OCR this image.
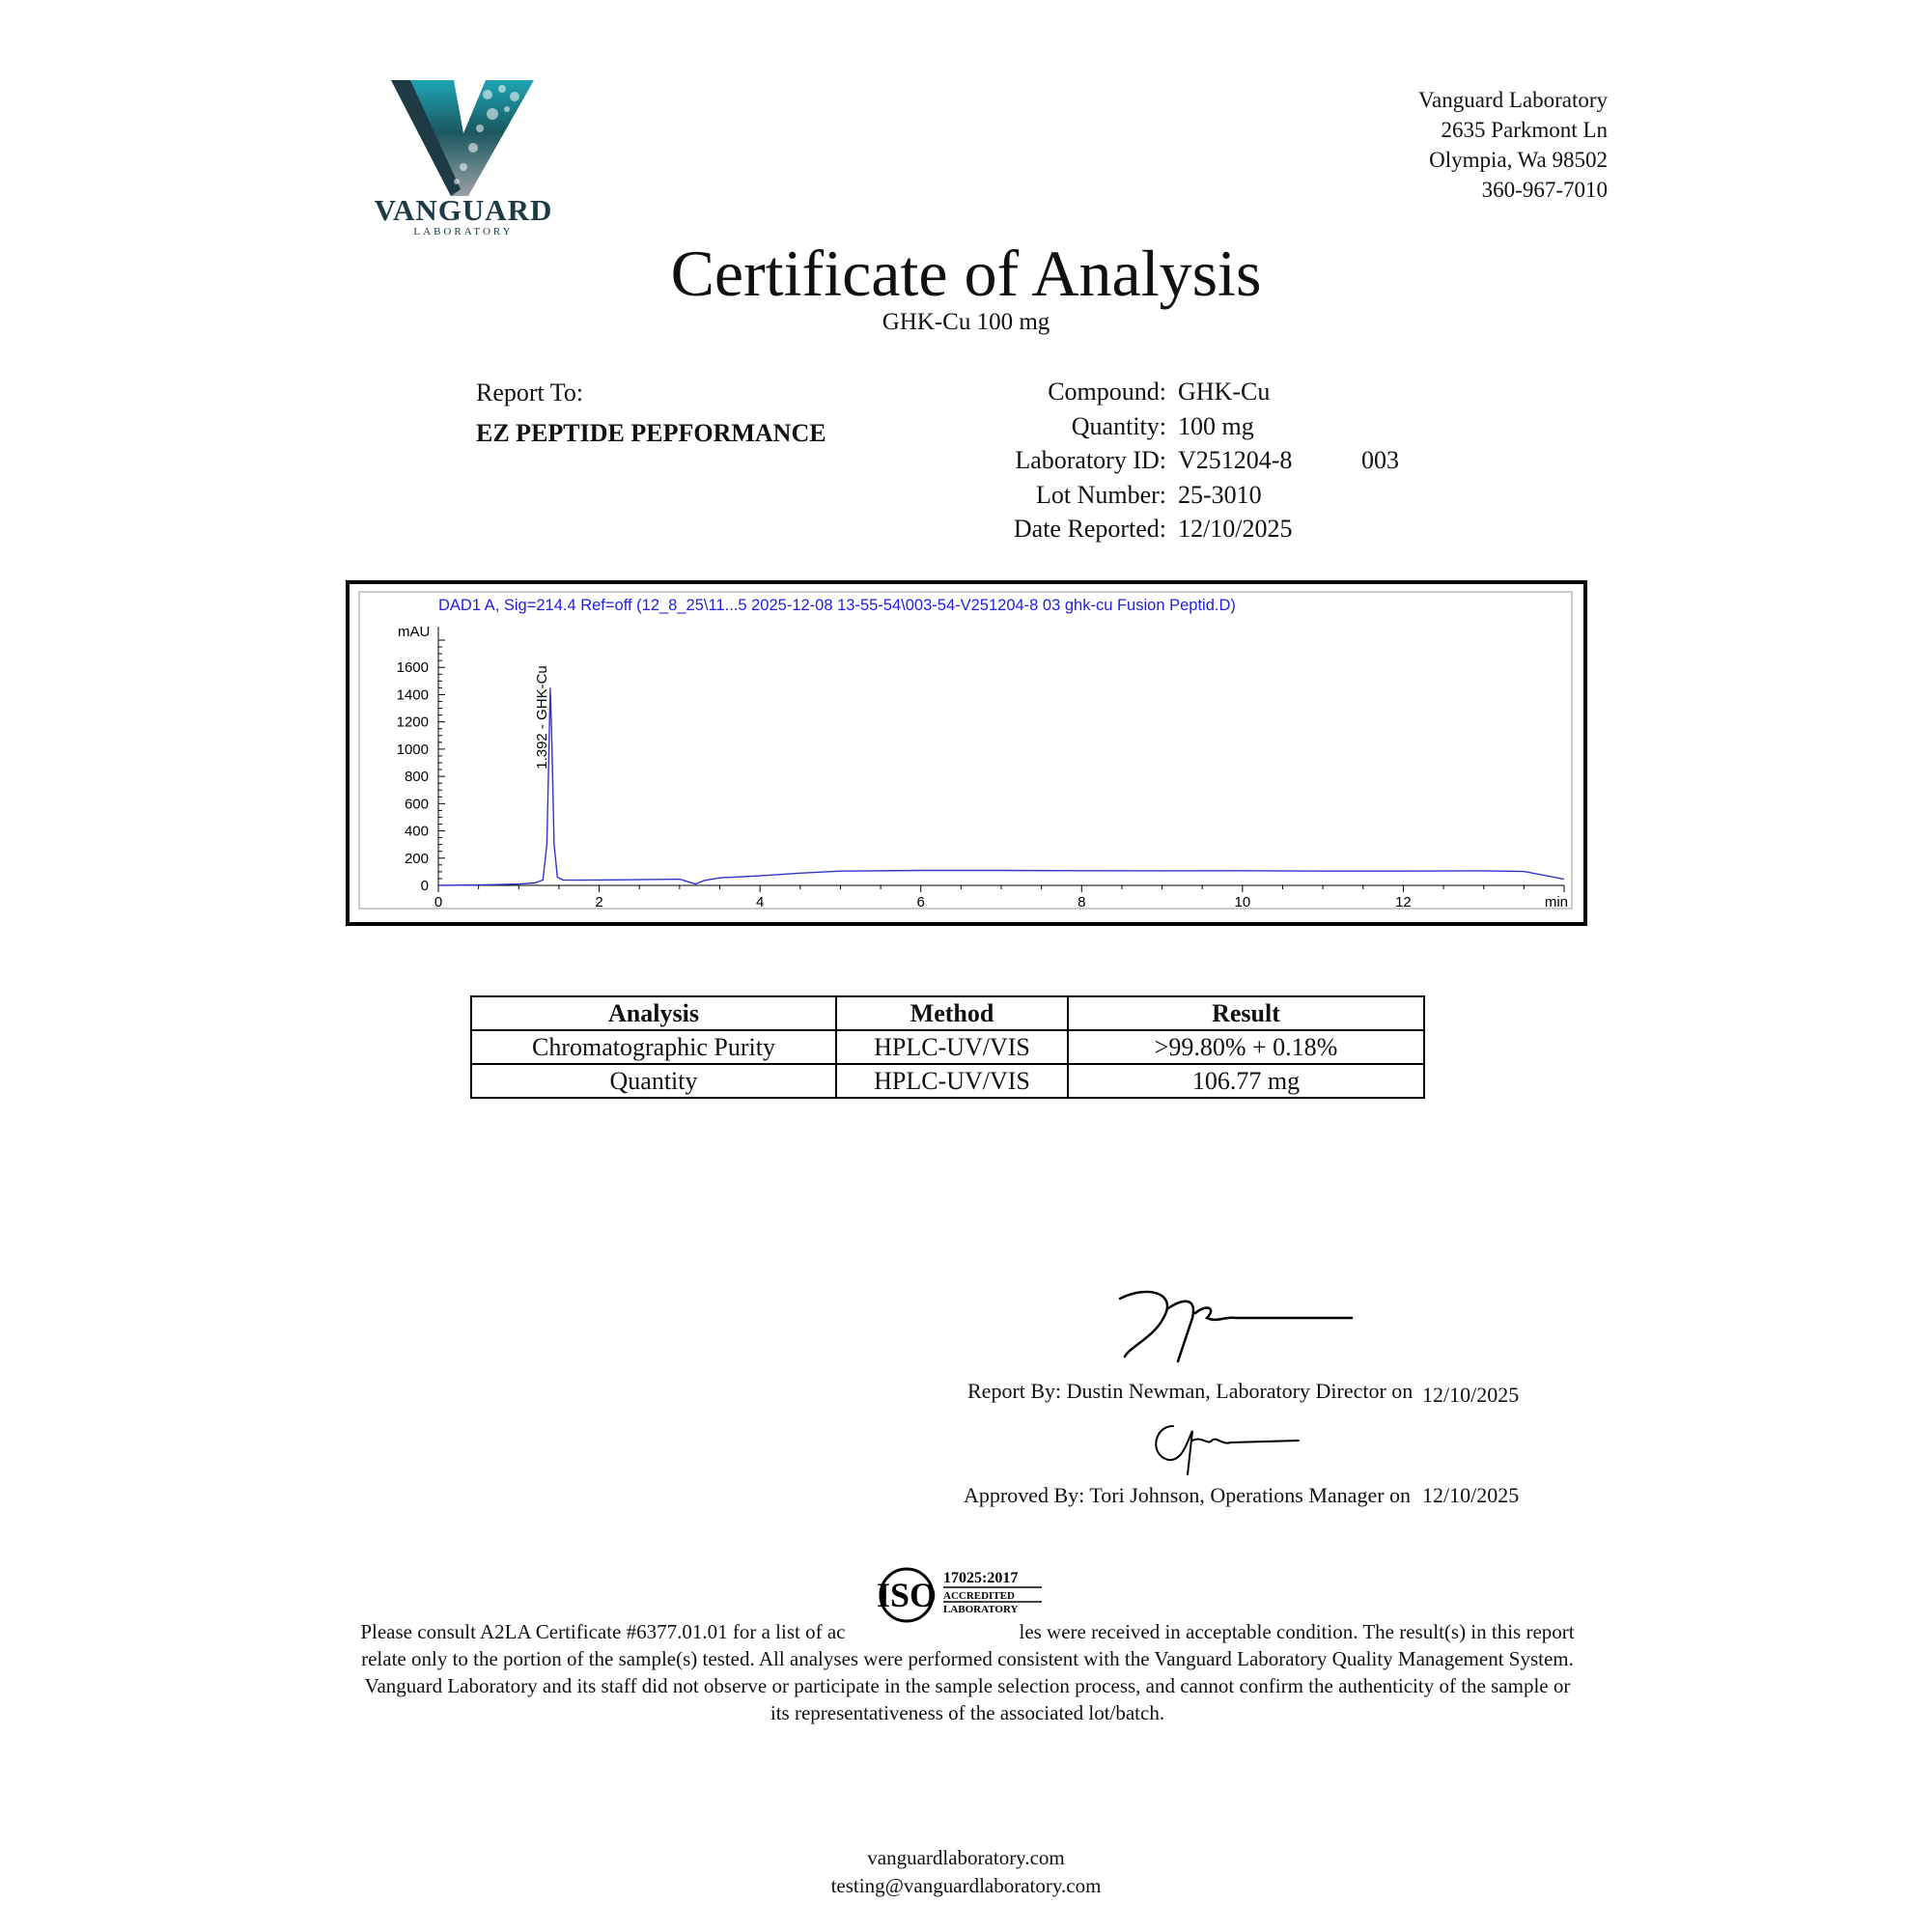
VANGUARD
LABORATORY
Vanguard Laboratory
2635 Parkmont Ln
Olympia, Wa 98502
360-967-7010
Certificate of Analysis
GHK-Cu 100 mg
Report To:
EZ PEPTIDE PEPFORMANCE
Compound: GHK-Cu
Quantity: 100 mg
Laboratory ID: V251204-8	003
Lot Number: 25-3010
Date Reported: 12/10/2025
DAD1 A, Sig=214.4 Ref=off (12_8_25\11...5 2025-12-08 13-55-54\003-54-V251204-8 03 ghk-cu Fusion Peptid.D)
mAU
min
0
200
400
600
800
1000
1200
1400
1600
0	2	4	6	8	10	12
1.392 - GHK-Cu
Analysis	Method	Result
Chromatographic Purity	HPLC-UV/VIS	>99.80% + 0.18%
Quantity	HPLC-UV/VIS	106.77 mg
Report By: Dustin Newman, Laboratory Director on 12/10/2025
Approved By: Tori Johnson, Operations Manager on 12/10/2025
ISO 17025:2017
ACCREDITED
LABORATORY
Please consult A2LA Certificate #6377.01.01 for a list of ac	les were received in acceptable condition. The result(s) in this report relate only to the portion of the sample(s) tested. All analyses were performed consistent with the Vanguard Laboratory Quality Management System. Vanguard Laboratory and its staff did not observe or participate in the sample selection process, and cannot confirm the authenticity of the sample or its representativeness of the associated lot/batch.
vanguardlaboratory.com
testing@vanguardlaboratory.com
